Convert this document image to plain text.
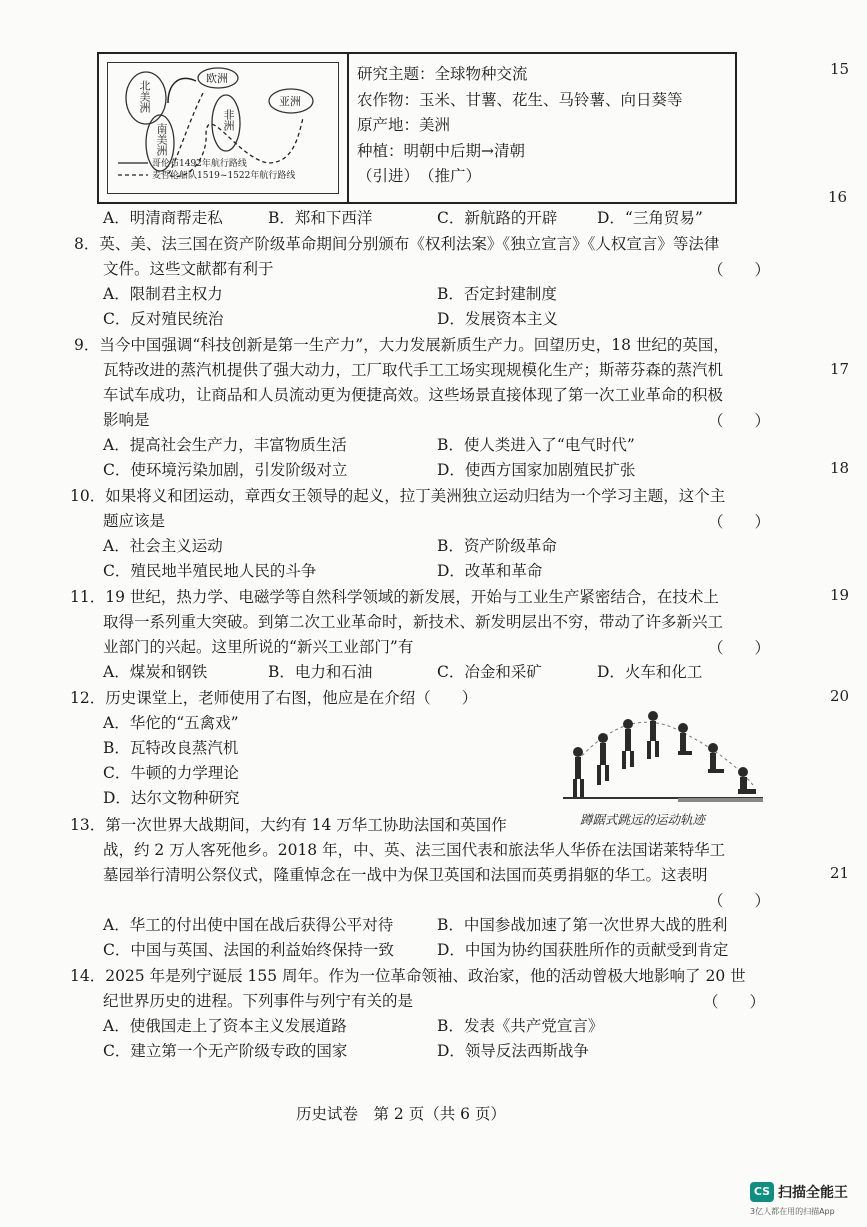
北美洲
南美洲
欧洲
非洲
亚洲
哥伦布1492年航行路线
麦哲伦船队1519~1522年航行路线
研究主题：全球物种交流
农作物：玉米、甘薯、花生、马铃薯、向日葵等
原产地：美洲
种植：明朝中后期→清朝
（引进）　 （推广）
A．明清商帮走私	B．郑和下西洋	C．新航路的开辟	D．“三角贸易”
8．英、美、法三国在资产阶级革命期间分别颁布《权利法案》《独立宣言》《人权宣言》等法律
文件。这些文献都有利于	（　　）
A．限制君主权力	B．否定封建制度
C．反对殖民统治	D．发展资本主义
9．当今中国强调“科技创新是第一生产力”，大力发展新质生产力。回望历史，18 世纪的英国，
瓦特改进的蒸汽机提供了强大动力，工厂取代手工工场实现规模化生产；斯蒂芬森的蒸汽机
车试车成功，让商品和人员流动更为便捷高效。这些场景直接体现了第一次工业革命的积极
影响是	（　　）
A．提高社会生产力，丰富物质生活	B．使人类进入了“电气时代”
C．使环境污染加剧，引发阶级对立	D．使西方国家加剧殖民扩张
10．如果将义和团运动，章西女王领导的起义，拉丁美洲独立运动归结为一个学习主题，这个主
题应该是	（　　）
A．社会主义运动	B．资产阶级革命
C．殖民地半殖民地人民的斗争	D．改革和革命
11．19 世纪，热力学、电磁学等自然科学领域的新发展，开始与工业生产紧密结合，在技术上
取得一系列重大突破。到第二次工业革命时，新技术、新发明层出不穷，带动了许多新兴工
业部门的兴起。这里所说的“新兴工业部门”有	（　　）
A．煤炭和钢铁	B．电力和石油	C．冶金和采矿	D．火车和化工
12．历史课堂上，老师使用了右图，他应是在介绍（　　）
A．华佗的“五禽戏”
B．瓦特改良蒸汽机
C．牛顿的力学理论
D．达尔文物种研究
蹲踞式跳远的运动轨迹
13．第一次世界大战期间，大约有 14 万华工协助法国和英国作
战，约 2 万人客死他乡。2018 年，中、英、法三国代表和旅法华人华侨在法国诺莱特华工
墓园举行清明公祭仪式，隆重悼念在一战中为保卫英国和法国而英勇捐躯的华工。这表明
（　　）
A．华工的付出使中国在战后获得公平对待	B．中国参战加速了第一次世界大战的胜利
C．中国与英国、法国的利益始终保持一致	D．中国为协约国获胜所作的贡献受到肯定
14．2025 年是列宁诞辰 155 周年。作为一位革命领袖、政治家，他的活动曾极大地影响了 20 世
纪世界历史的进程。下列事件与列宁有关的是	（　　）
A．使俄国走上了资本主义发展道路	B．发表《共产党宣言》
C．建立第一个无产阶级专政的国家	D．领导反法西斯战争
历史试卷　第 2 页（共 6 页）
15
16
17
18
19
20
21
CS 扫描全能王
3亿人都在用的扫描App
